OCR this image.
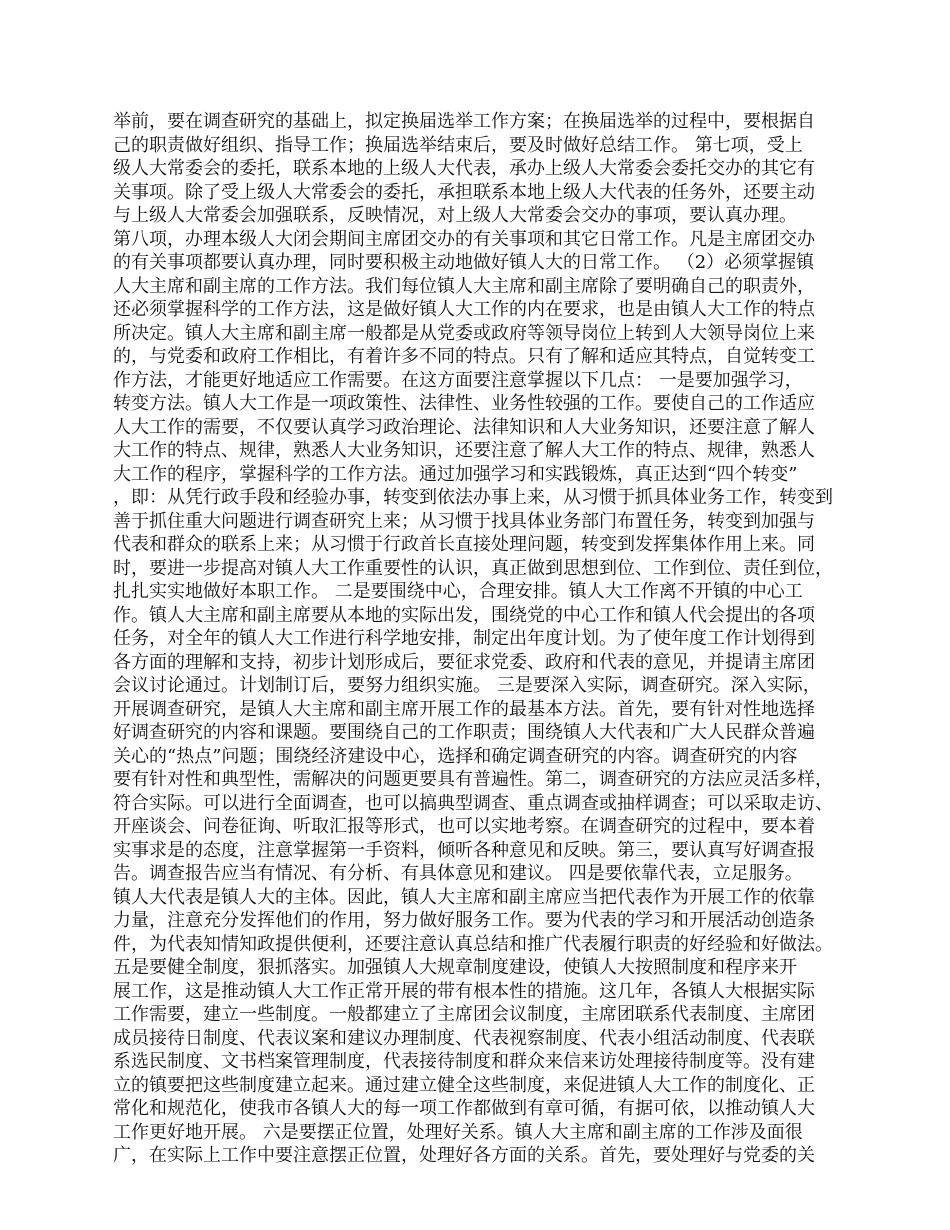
举前，要在调查研究的基础上，拟定换届选举工作方案；在换届选举的过程中，要根据自
己的职责做好组织、指导工作；换届选举结束后，要及时做好总结工作。 第七项，受上
级人大常委会的委托，联系本地的上级人大代表，承办上级人大常委会委托交办的其它有
关事项。除了受上级人大常委会的委托，承担联系本地上级人大代表的任务外，还要主动
与上级人大常委会加强联系，反映情况，对上级人大常委会交办的事项，要认真办理。
第八项，办理本级人大闭会期间主席团交办的有关事项和其它日常工作。凡是主席团交办
的有关事项都要认真办理，同时要积极主动地做好镇人大的日常工作。 （2）必须掌握镇
人大主席和副主席的工作方法。我们每位镇人大主席和副主席除了要明确自己的职责外，
还必须掌握科学的工作方法，这是做好镇人大工作的内在要求，也是由镇人大工作的特点
所决定。镇人大主席和副主席一般都是从党委或政府等领导岗位上转到人大领导岗位上来
的，与党委和政府工作相比，有着许多不同的特点。只有了解和适应其特点，自觉转变工
作方法，才能更好地适应工作需要。在这方面要注意掌握以下几点： 一是要加强学习，
转变方法。镇人大工作是一项政策性、法律性、业务性较强的工作。要使自己的工作适应
人大工作的需要，不仅要认真学习政治理论、法律知识和人大业务知识，还要注意了解人
大工作的特点、规律，熟悉人大业务知识，还要注意了解人大工作的特点、规律，熟悉人
大工作的程序，掌握科学的工作方法。通过加强学习和实践锻炼，真正达到“四个转变”
，即：从凭行政手段和经验办事，转变到依法办事上来，从习惯于抓具体业务工作，转变到
善于抓住重大问题进行调查研究上来；从习惯于找具体业务部门布置任务，转变到加强与
代表和群众的联系上来；从习惯于行政首长直接处理问题，转变到发挥集体作用上来。同
时，要进一步提高对镇人大工作重要性的认识，真正做到思想到位、工作到位、责任到位，
扎扎实实地做好本职工作。 二是要围绕中心，合理安排。镇人大工作离不开镇的中心工
作。镇人大主席和副主席要从本地的实际出发，围绕党的中心工作和镇人代会提出的各项
任务，对全年的镇人大工作进行科学地安排，制定出年度计划。为了使年度工作计划得到
各方面的理解和支持，初步计划形成后，要征求党委、政府和代表的意见，并提请主席团
会议讨论通过。计划制订后，要努力组织实施。 三是要深入实际，调查研究。深入实际，
开展调查研究，是镇人大主席和副主席开展工作的最基本方法。首先，要有针对性地选择
好调查研究的内容和课题。要围绕自己的工作职责；围绕镇人大代表和广大人民群众普遍
关心的“热点”问题；围绕经济建设中心，选择和确定调查研究的内容。调查研究的内容
要有针对性和典型性，需解决的问题更要具有普遍性。第二，调查研究的方法应灵活多样，
符合实际。可以进行全面调查，也可以搞典型调查、重点调查或抽样调查；可以采取走访、
开座谈会、问卷征询、听取汇报等形式，也可以实地考察。在调查研究的过程中，要本着
实事求是的态度，注意掌握第一手资料，倾听各种意见和反映。第三，要认真写好调查报
告。调查报告应当有情况、有分析、有具体意见和建议。 四是要依靠代表，立足服务。
镇人大代表是镇人大的主体。因此，镇人大主席和副主席应当把代表作为开展工作的依靠
力量，注意充分发挥他们的作用，努力做好服务工作。要为代表的学习和开展活动创造条
件，为代表知情知政提供便利，还要注意认真总结和推广代表履行职责的好经验和好做法。
五是要健全制度，狠抓落实。加强镇人大规章制度建设，使镇人大按照制度和程序来开
展工作，这是推动镇人大工作正常开展的带有根本性的措施。这几年，各镇人大根据实际
工作需要，建立一些制度。一般都建立了主席团会议制度，主席团联系代表制度、主席团
成员接待日制度、代表议案和建议办理制度、代表视察制度、代表小组活动制度、代表联
系选民制度、文书档案管理制度，代表接待制度和群众来信来访处理接待制度等。没有建
立的镇要把这些制度建立起来。通过建立健全这些制度，来促进镇人大工作的制度化、正
常化和规范化，使我市各镇人大的每一项工作都做到有章可循，有据可依，以推动镇人大
工作更好地开展。 六是要摆正位置，处理好关系。镇人大主席和副主席的工作涉及面很
广，在实际上工作中要注意摆正位置，处理好各方面的关系。首先，要处理好与党委的关
